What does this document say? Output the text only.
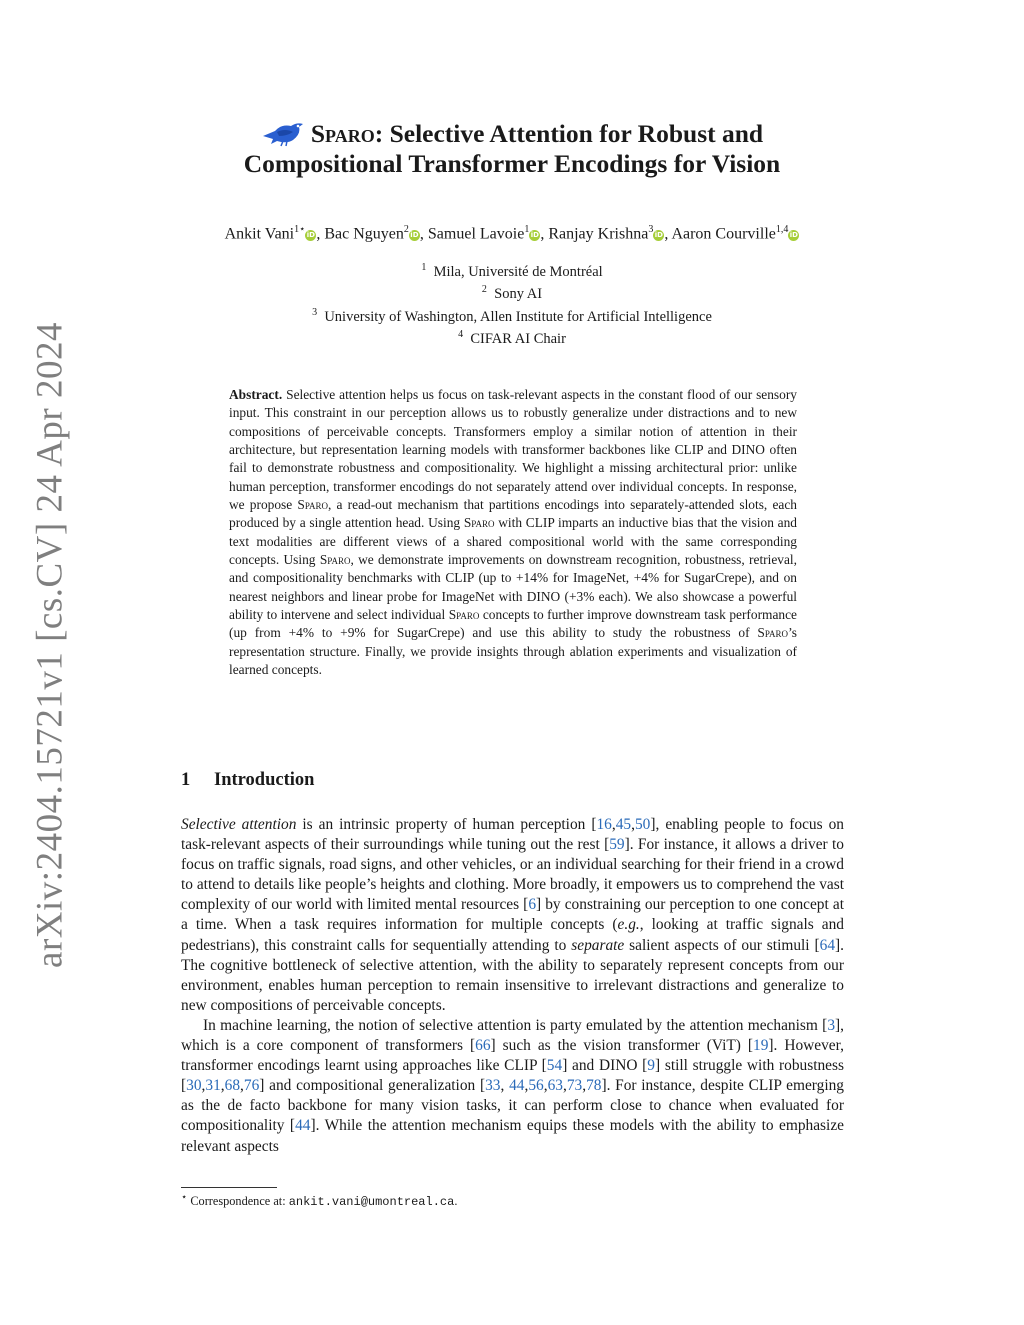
arXiv:2404.15721v1 [cs.CV] 24 Apr 2024
Sparo: Selective Attention for Robust and
Compositional Transformer Encodings for Vision
Ankit Vani$^{1⋆}$iD, Bac Nguyen$^2$iD, Samuel Lavoie$^1$iD, Ranjay Krishna$^3$iD, Aaron Courville$^{1,4}$iD
$^1$ Mila, Université de Montréal
$^2$ Sony AI
$^3$ University of Washington, Allen Institute for Artificial Intelligence
$^4$ CIFAR AI Chair
Abstract. Selective attention helps us focus on task-relevant aspects in the constant flood of our sensory input. This constraint in our perception allows us to robustly generalize under distractions and to new compositions of perceivable concepts. Transformers employ a similar notion of attention in their architecture, but representation learning models with transformer backbones like CLIP and DINO often fail to demonstrate robustness and compositionality. We highlight a missing architectural prior: unlike human perception, transformer encodings do not separately attend over individual concepts. In response, we propose Sparo, a read-out mechanism that partitions encodings into separately-attended slots, each produced by a single attention head. Using Sparo with CLIP imparts an inductive bias that the vision and text modalities are different views of a shared compositional world with the same corresponding concepts. Using Sparo, we demonstrate improvements on downstream recognition, robustness, retrieval, and compositionality benchmarks with CLIP (up to +14% for ImageNet, +4% for SugarCrepe), and on nearest neighbors and linear probe for ImageNet with DINO (+3% each). We also showcase a powerful ability to intervene and select individual Sparo concepts to further improve downstream task performance (up from +4% to +9% for SugarCrepe) and use this ability to study the robustness of Sparo’s representation structure. Finally, we provide insights through ablation experiments and visualization of learned concepts.
1 Introduction

Selective attention is an intrinsic property of human perception [16,45,50], enabling people to focus on task-relevant aspects of their surroundings while tuning out the rest [59]. For instance, it allows a driver to focus on traffic signals, road signs, and other vehicles, or an individual searching for their friend in a crowd to attend to details like people’s heights and clothing. More broadly, it empowers us to comprehend the vast complexity of our world with limited mental resources [6] by constraining our perception to one concept at a time. When a task requires information for multiple concepts (e.g., looking at traffic signals and pedestrians), this constraint calls for sequentially attending to separate salient aspects of our stimuli [64]. The cognitive bottleneck of selective attention, with the ability to separately represent concepts from our environment, enables human perception to remain insensitive to irrelevant distractions and generalize to new compositions of perceivable concepts.

In machine learning, the notion of selective attention is party emulated by the attention mechanism [3], which is a core component of transformers [66] such as the vision transformer (ViT) [19]. However, transformer encodings learnt using approaches like CLIP [54] and DINO [9] still struggle with robustness [30,31,68,76] and compositional generalization [33, 44,56,63,73,78]. For instance, despite CLIP emerging as the de facto backbone for many vision tasks, it can perform close to chance when evaluated for compositionality [44]. While the attention mechanism equips these models with the ability to emphasize relevant aspects

⋆ Correspondence at: ankit.vani@umontreal.ca.
